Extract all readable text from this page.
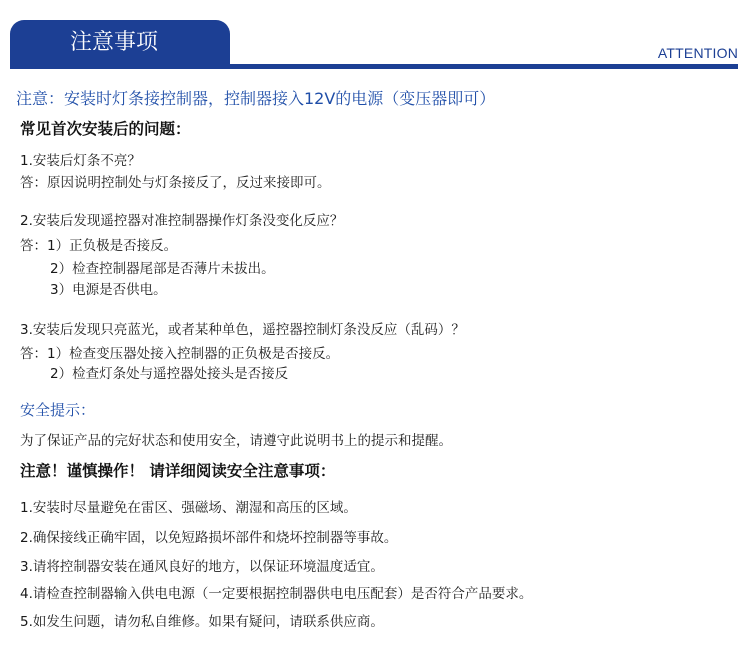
注意事项	ATTENTION
注意：安装时灯条接控制器，控制器接入12V的电源（变压器即可）
常见首次安装后的问题：
1.安装后灯条不亮？
答：原因说明控制处与灯条接反了，反过来接即可。
2.安装后发现遥控器对准控制器操作灯条没变化反应？
答：1）正负极是否接反。
2）检查控制器尾部是否薄片未拔出。
3）电源是否供电。
3.安装后发现只亮蓝光，或者某种单色，遥控器控制灯条没反应（乱码）？
答：1）检查变压器处接入控制器的正负极是否接反。
2）检查灯条处与遥控器处接头是否接反
安全提示：
为了保证产品的完好状态和使用安全，请遵守此说明书上的提示和提醒。
注意！谨慎操作！ 请详细阅读安全注意事项：
1.安装时尽量避免在雷区、强磁场、潮湿和高压的区域。
2.确保接线正确牢固，以免短路损坏部件和烧坏控制器等事故。
3.请将控制器安装在通风良好的地方，以保证环境温度适宜。
4.请检查控制器输入供电电源（一定要根据控制器供电电压配套）是否符合产品要求。
5.如发生问题，请勿私自维修。如果有疑问，请联系供应商。
